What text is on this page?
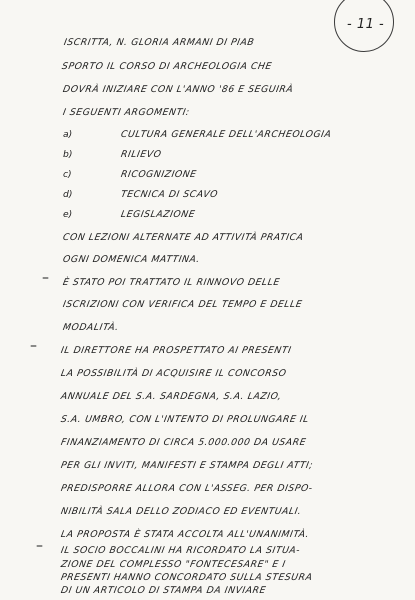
- 11 -
ISCRITTA, N. GLORIA ARMANI DI PIAB
SPORTO IL CORSO DI ARCHEOLOGIA CHE
DOVRÀ INIZIARE CON L'ANNO '86 E SEGUIRÀ
I SEGUENTI ARGOMENTI:
a)	CULTURA GENERALE DELL'ARCHEOLOGIA
b)	RILIEVO
c)	RICOGNIZIONE
d)	TECNICA DI SCAVO
e)	LEGISLAZIONE
CON LEZIONI ALTERNATE AD ATTIVITÀ PRATICA
OGNI DOMENICA MATTINA.
– È STATO POI TRATTATO IL RINNOVO DELLE
ISCRIZIONI CON VERIFICA DEL TEMPO E DELLE
MODALITÀ.
–	IL DIRETTORE HA PROSPETTATO AI PRESENTI
LA POSSIBILITÀ DI ACQUISIRE IL CONCORSO
ANNUALE DEL S.A. SARDEGNA, S.A. LAZIO,
S.A. UMBRO, CON L'INTENTO DI PROLUNGARE IL
FINANZIAMENTO DI CIRCA 5.000.000 DA USARE
PER GLI INVITI, MANIFESTI E STAMPA DEGLI ATTI;
PREDISPORRE ALLORA CON L'ASSEG. PER DISPO-
NIBILITÀ SALA DELLO ZODIACO ED EVENTUALI.
LA PROPOSTA È STATA ACCOLTA ALL'UNANIMITÀ.
– IL SOCIO BOCCALINI HA RICORDATO LA SITUA-
ZIONE DEL COMPLESSO "FONTECESARE" E I
PRESENTI HANNO CONCORDATO SULLA STESURA
DI UN ARTICOLO DI STAMPA DA INVIARE
